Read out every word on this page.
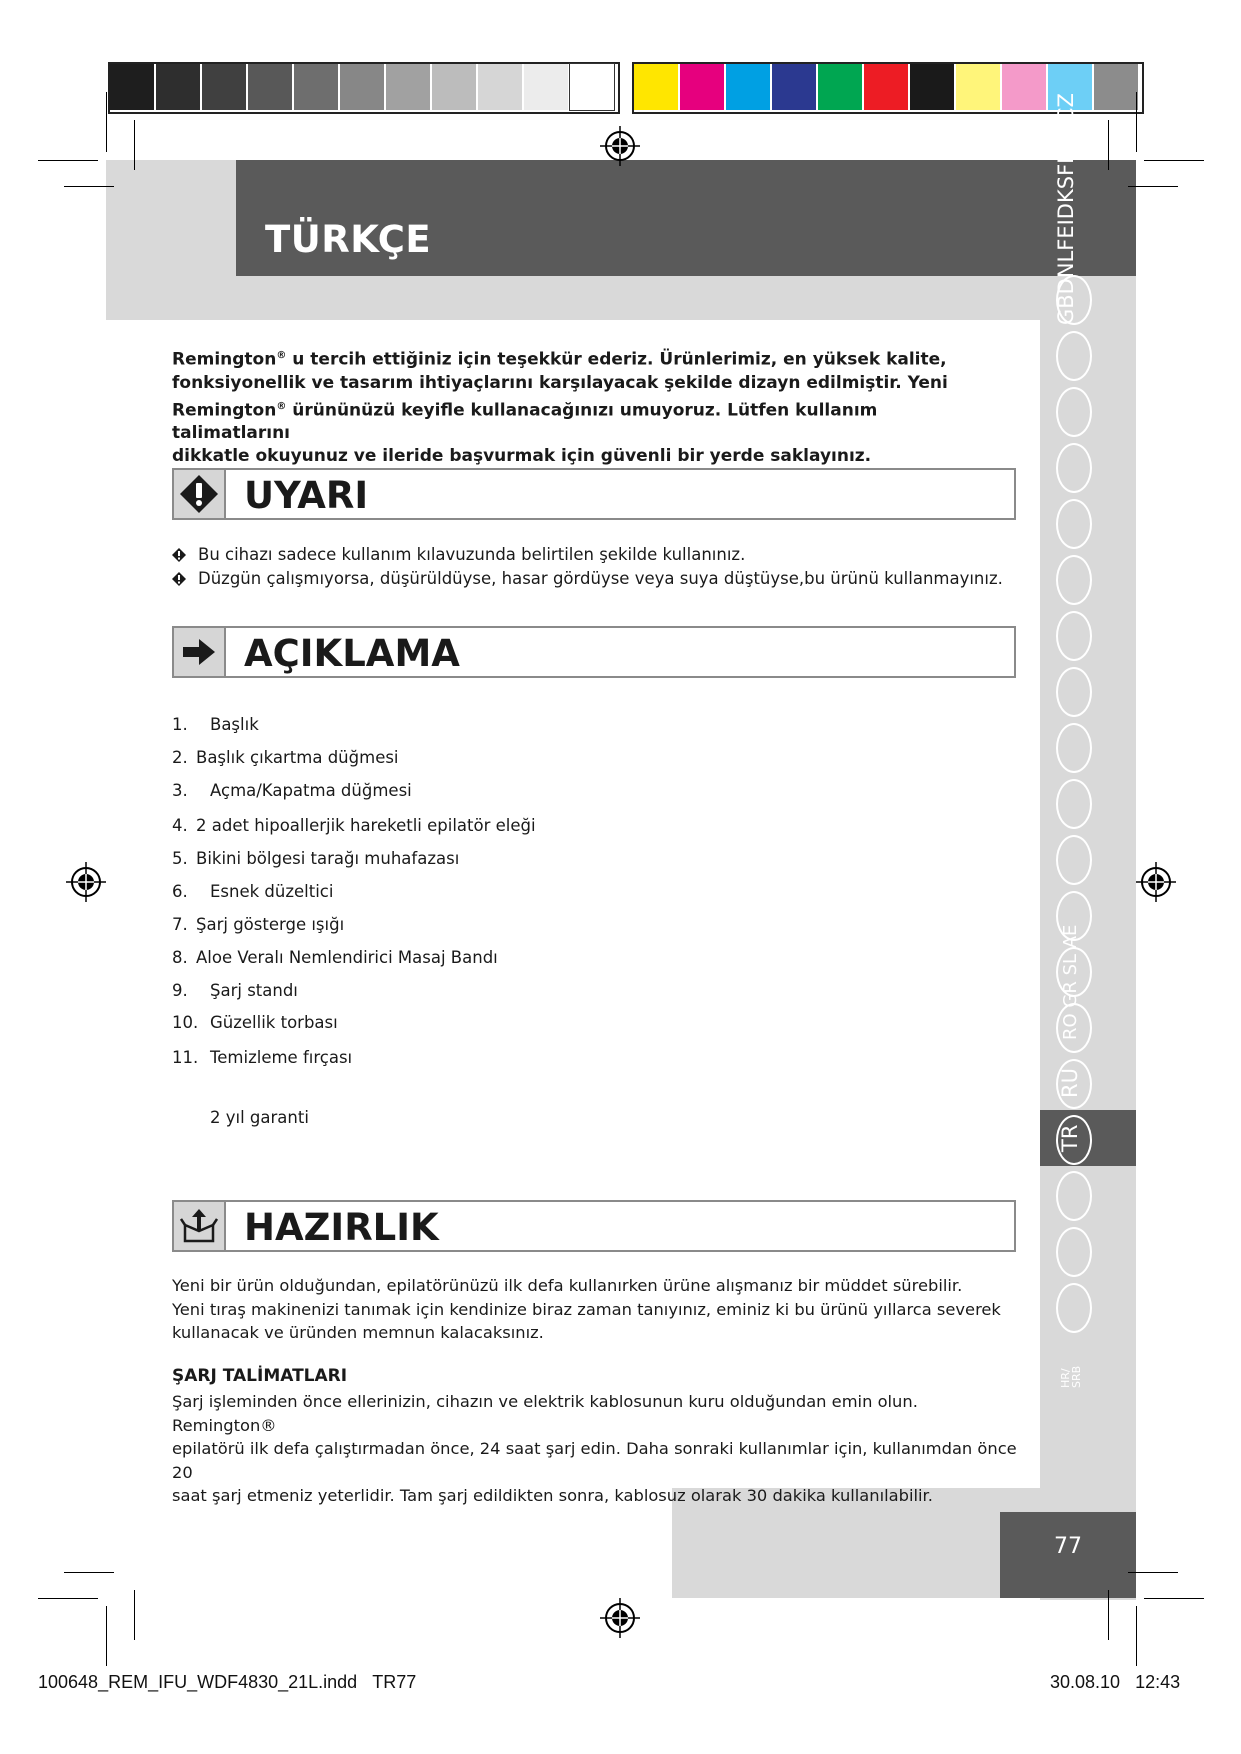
TÜRKÇE	GBDNLFEIDKSFNSKCZ
RO GR SL AE
TR
RU
HR/ SRB
Remington® u tercih ettiğiniz için teşekkür ederiz. Ürünlerimiz, en yüksek kalite,
fonksiyonellik ve tasarım ihtiyaçlarını karşılayacak şekilde dizayn edilmiştir. Yeni
Remington® ürününüzü keyifle kullanacağınızı umuyoruz. Lütfen kullanım talimatlarını
dikkatle okuyunuz ve ileride başvurmak için güvenli bir yerde saklayınız.
UYARI
Bu cihazı sadece kullanım kılavuzunda belirtilen şekilde kullanınız.
Düzgün çalışmıyorsa, düşürüldüyse, hasar gördüyse veya suya düştüyse,bu ürünü kullanmayınız.
AÇIKLAMA
1. Başlık
2. Başlık çıkartma düğmesi
3. Açma/Kapatma düğmesi
4. 2 adet hipoallerjik hareketli epilatör eleği
5. Bikini bölgesi tarağı muhafazası
6. Esnek düzeltici
7. Şarj gösterge ışığı
8. Aloe Veralı Nemlendirici Masaj Bandı
9. Şarj standı
10. Güzellik torbası
11. Temizleme fırçası
2 yıl garanti
HAZIRLIK
Yeni bir ürün olduğundan, epilatörünüzü ilk defa kullanırken ürüne alışmanız bir müddet sürebilir.
Yeni tıraş makinenizi tanımak için kendinize biraz zaman tanıyınız, eminiz ki bu ürünü yıllarca severek
kullanacak ve üründen memnun kalacaksınız.
ŞARJ TALİMATLARI
Şarj işleminden önce ellerinizin, cihazın ve elektrik kablosunun kuru olduğundan emin olun. Remington®
epilatörü ilk defa çalıştırmadan önce, 24 saat şarj edin. Daha sonraki kullanımlar için, kullanımdan önce 20
saat şarj etmeniz yeterlidir. Tam şarj edildikten sonra, kablosuz olarak 30 dakika kullanılabilir.
77
100648_REM_IFU_WDF4830_21L.indd TR77	30.08.10 12:43
